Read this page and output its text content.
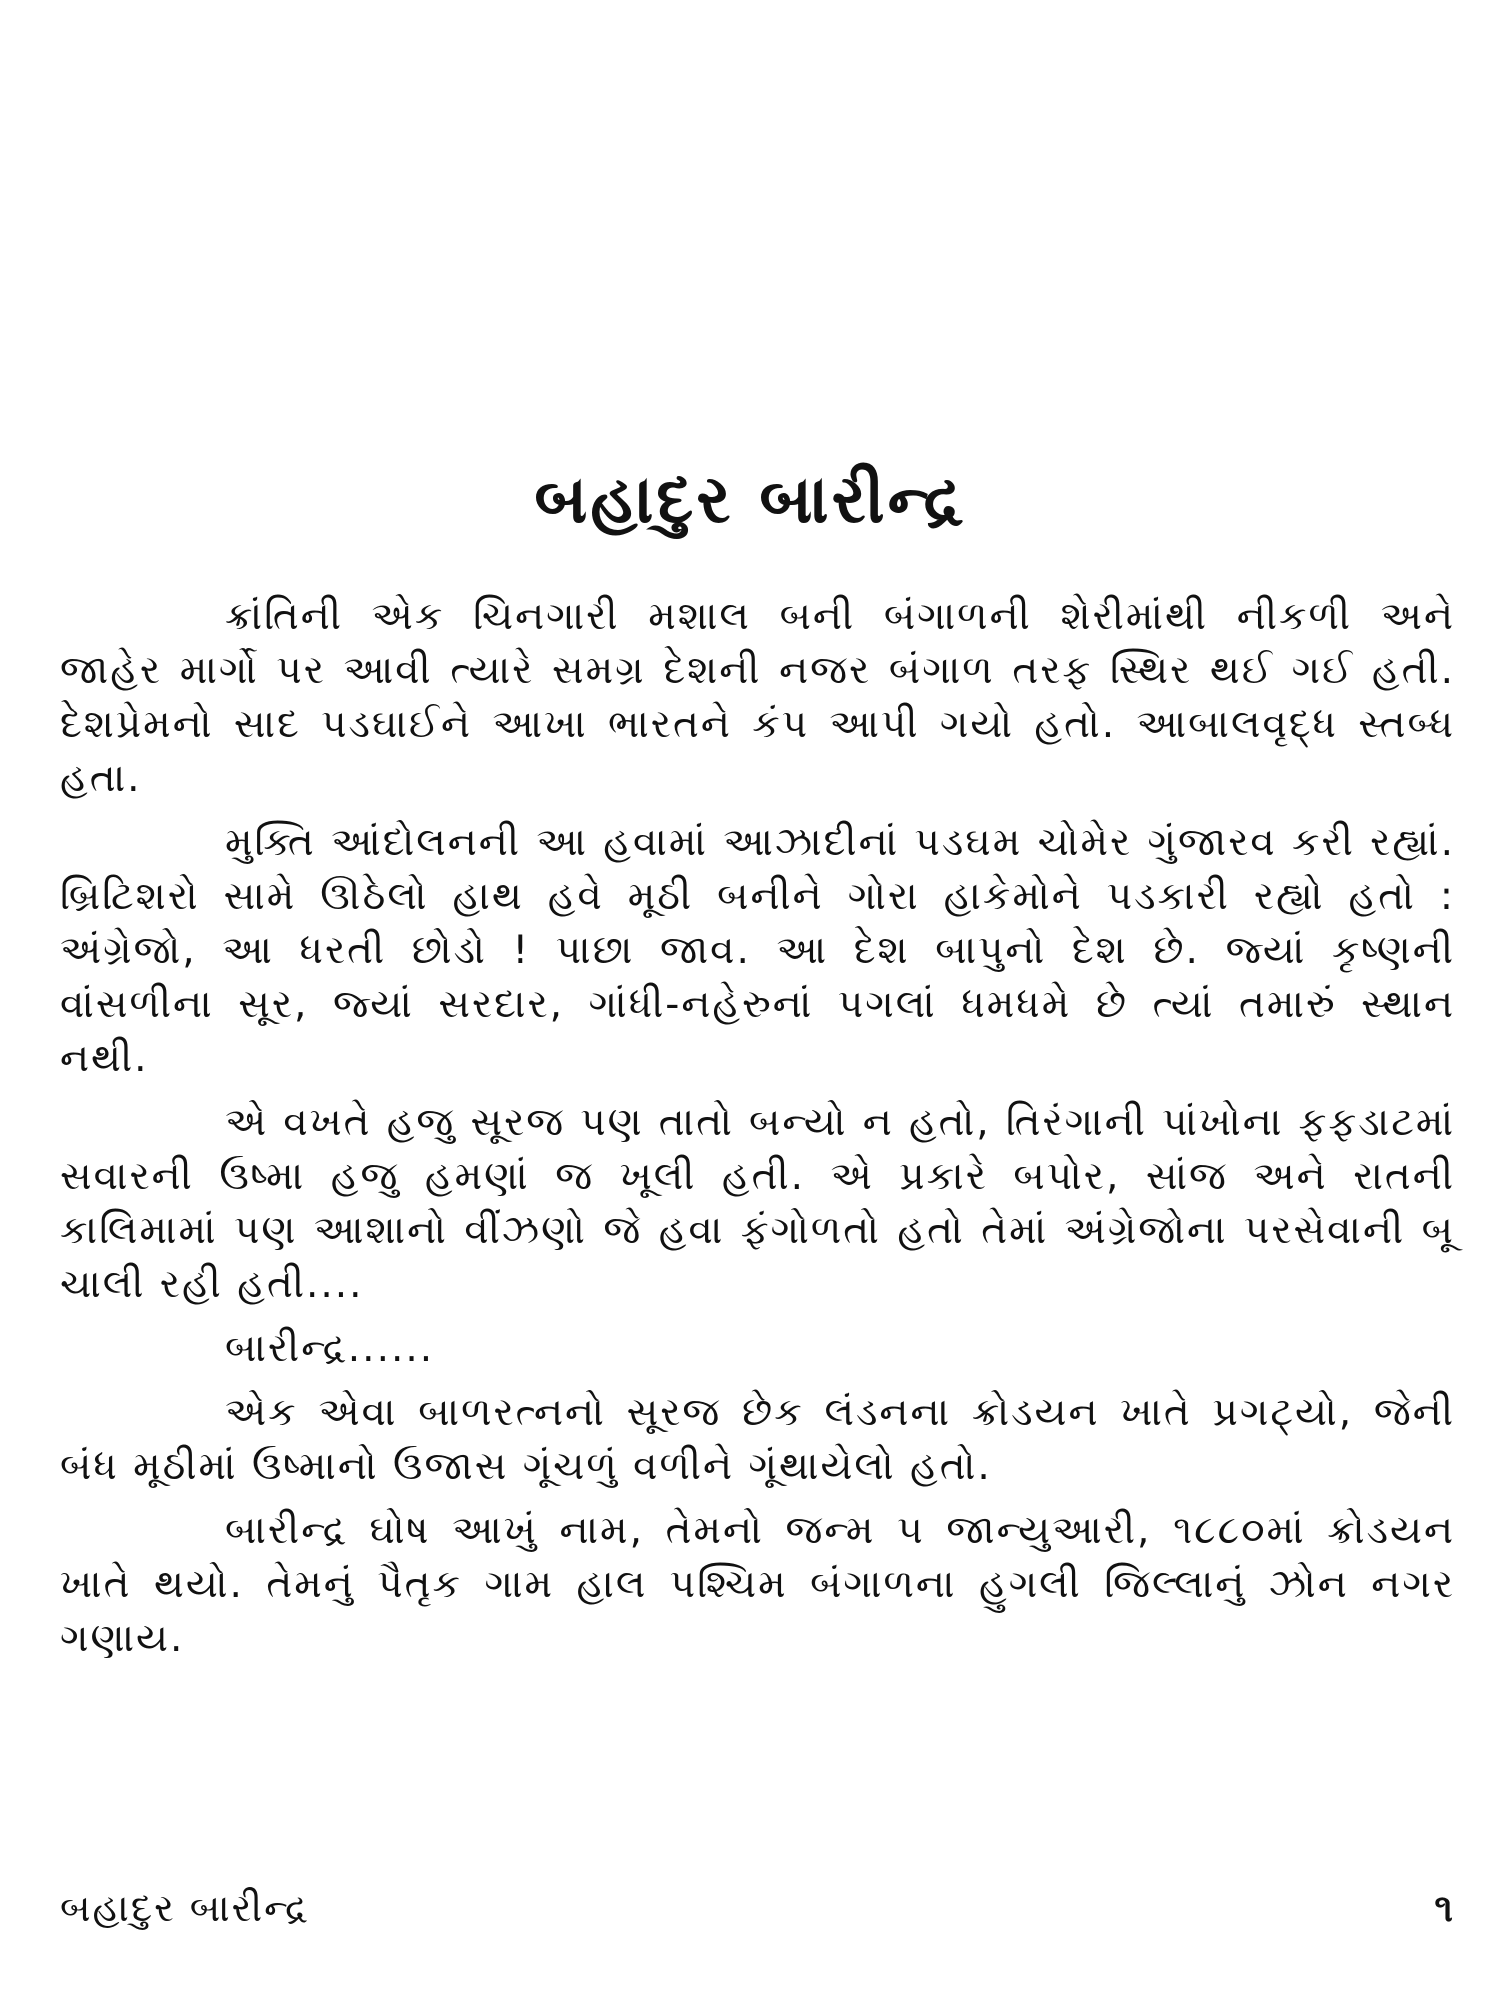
બહાદુર બારીન્દ્ર

ક્રાંતિની એક ચિનગારી મશાલ બની બંગાળની શેરીમાંથી નીકળી અને જાહેર માર્ગો પર આવી ત્યારે સમગ્ર દેશની નજર બંગાળ તરફ સ્થિર થઈ ગઈ હતી. દેશપ્રેમનો સાદ પડઘાઈને આખા ભારતને કંપ આપી ગયો હતો. આબાલવૃદ્ધ સ્તબ્ધ હતા.

મુક્તિ આંદોલનની આ હવામાં આઝાદીનાં પડઘમ ચોમેર ગુંજારવ કરી રહ્યાં. બ્રિટિશરો સામે ઊઠેલો હાથ હવે મૂઠી બનીને ગોરા હાકેમોને પડકારી રહ્યો હતો : અંગ્રેજો, આ ધરતી છોડો ! પાછા જાવ. આ દેશ બાપુનો દેશ છે. જ્યાં કૃષ્ણની વાંસળીના સૂર, જ્યાં સરદાર, ગાંધી-નહેરુનાં પગલાં ધમધમે છે ત્યાં તમારું સ્થાન નથી.

એ વખતે હજુ સૂરજ પણ તાતો બન્યો ન હતો, તિરંગાની પાંખોના ફફડાટમાં સવારની ઉષ્મા હજુ હમણાં જ ખૂલી હતી. એ પ્રકારે બપોર, સાંજ અને રાતની કાલિમામાં પણ આશાનો વીંઝણો જે હવા ફંગોળતો હતો તેમાં અંગ્રેજોના પરસેવાની બૂ ચાલી રહી હતી....

બારીન્દ્ર......

એક એવા બાળરત્નનો સૂરજ છેક લંડનના ક્રોડયન ખાતે પ્રગટ્યો, જેની બંધ મૂઠીમાં ઉષ્માનો ઉજાસ ગૂંચળું વળીને ગૂંથાયેલો હતો.

બારીન્દ્ર ઘોષ આખું નામ, તેમનો જન્મ ૫ જાન્યુઆરી, ૧૮૮૦માં ક્રોડયન ખાતે થયો. તેમનું પૈતૃક ગામ હાલ પશ્ચિમ બંગાળના હુગલી જિલ્લાનું ઝોન નગર ગણાય.

બહાદુર બારીન્દ્ર	૧
